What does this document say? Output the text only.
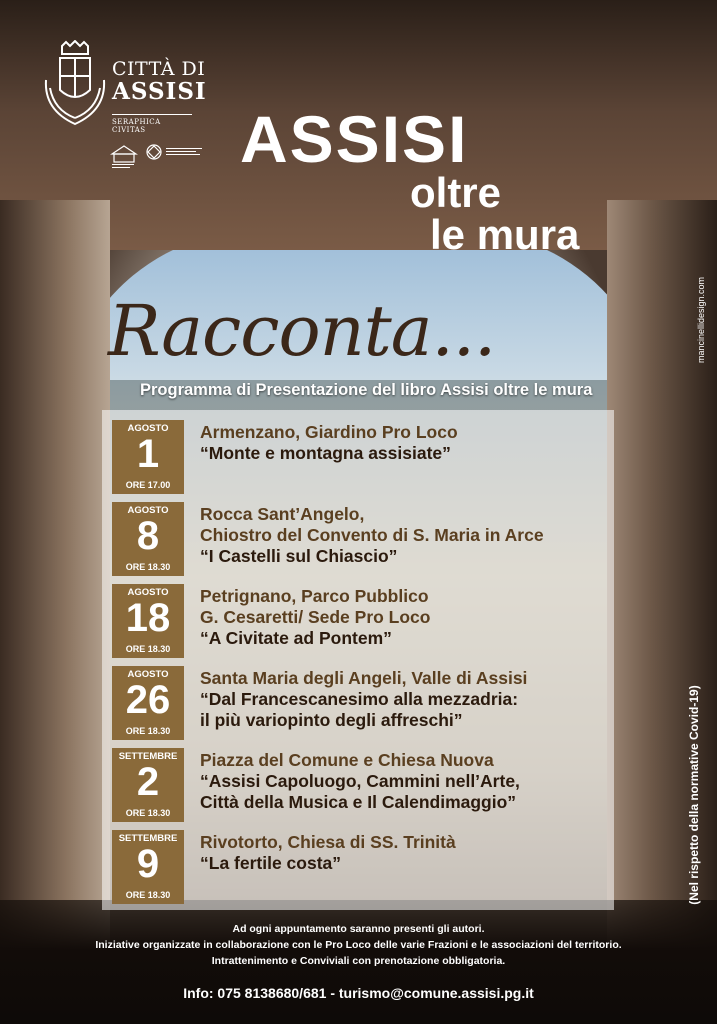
CITTÀ DI
ASSISI
SERAPHICA CIVITAS	ASSISI
oltre
le mura
Racconta...
Programma di Presentazione del libro Assisi oltre le mura
AGOSTO
1
ORE 17.00
Armenzano, Giardino Pro Loco
“Monte e montagna assisiate”
AGOSTO
8
ORE 18.30
Rocca Sant’Angelo,
Chiostro del Convento di S. Maria in Arce
“I Castelli sul Chiascio”
AGOSTO
18
ORE 18.30
Petrignano, Parco Pubblico
G. Cesaretti/ Sede Pro Loco
“A Civitate ad Pontem”
AGOSTO
26
ORE 18.30
Santa Maria degli Angeli, Valle di Assisi
“Dal Francescanesimo alla mezzadria:
il più variopinto degli affreschi”
SETTEMBRE
2
ORE 18.30
Piazza del Comune e Chiesa Nuova
“Assisi Capoluogo, Cammini nell’Arte,
Città della Musica e Il Calendimaggio”
SETTEMBRE
9
ORE 18.30
Rivotorto, Chiesa di SS. Trinità
“La fertile costa”	(Nel rispetto della normative Covid-19)
mancinellidesign.com
Ad ogni appuntamento saranno presenti gli autori.
Iniziative organizzate in collaborazione con le Pro Loco delle varie Frazioni e le associazioni del territorio.
Intrattenimento e Conviviali con prenotazione obbligatoria.
Info: 075 8138680/681 - turismo@comune.assisi.pg.it
